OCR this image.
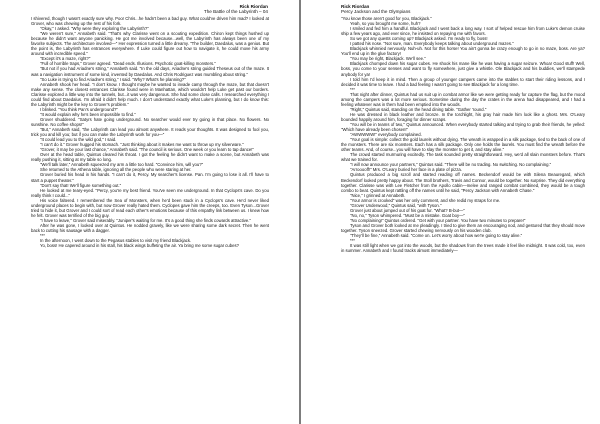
Rick Riordan
The Battle of the Labyrinth – 04

I shivered, though I wasn't exactly sure why. Poor Chris...he hadn't been a bad guy. What could've driven him mad? I looked at Grover, who was chewing up the rest of his fork.

"Okay," I asked. "Why were they exploring the Labyrinth?"

"We weren't sure," Annabeth said. "That's why Clarisse went on a scouting expedition. Chiron kept things hushed up because he didn't want anyone panicking. He got me involved because...well, the Labyrinth has always been one of my favorite subjects. The architecture involved—" Her expression turned a little dreamy. "The builder, Daedalus, was a genius. But the point is, the Labyrinth has entrances everywhere. If Luke could figure out how to navigate it, he could move his army around with incredible speed."

"Except it's a maze, right?"

"Full of horrible traps," Grover agreed. "Dead ends. Illusions. Psychotic goat-killing monsters."

"But not if you had Ariadne's string," Annabeth said. "In the old days, Ariadne's string guided Theseus out of the maze. It was a navigation instrument of some kind, invented by Daedalus. And Chris Rodriguez was mumbling about string."

"So Luke is trying to find Ariadne's string," I said. "Why? What's he planning?"

Annabeth shook her head. "I don't know. I thought maybe he wanted to invade camp through the maze, but that doesn't make any sense. The closest entrances Clarisse found were in Manhattan, which wouldn't help Luke get past our borders. Clarisse explored a little way into the tunnels, but...it was very dangerous. She had some close calls. I researched everything I could find about Daedalus. I'm afraid it didn't help much. I don't understand exactly what Luke's planning, but I do know this: the Labyrinth might be the key to Grover's problem."

I blinked. "You think Pan's underground?"

"It would explain why he's been impossible to find."

Grover shuddered. "Satyrs hate going underground. No searcher would ever try going in that place. No flowers. No sunshine. No coffee shops!"

"But," Annabeth said, "the Labyrinth can lead you almost anywhere. It reads your thoughts. It was designed to fool you, trick you and kill you; but if you can make the Labyrinth work for you—"

"It could lead you to the wild god," I said.

"I can't do it." Grover hugged his stomach. "Just thinking about it makes me want to throw up my silverware."

"Grover, it may be your last chance," Annabeth said. "The council is serious. One week or you learn to tap dance!"

Over at the head table, Quintus cleared his throat. I got the feeling he didn't want to make a scene, but Annabeth was really pushing it, sitting at my table so long.

"We'll talk later," Annabeth squeezed my arm a little too hard. "Convince him, will you?"

She returned to the Athena table, ignoring all the people who were staring at her.

Grover buried his head in his hands. "I can't do it, Percy. My searcher's license. Pan. I'm going to lose it all. I'll have to start a puppet theater."

"Don't say that! We'll figure something out."

He looked at me teary-eyed. "Percy, you're my best friend. You've seen me underground. In that Cyclops's cave. Do you really think I could..."

His voice faltered. I remembered the Sea of Monsters, when he'd been stuck in a Cyclops's cave. He'd never liked underground places to begin with, but now Grover really hated them. Cyclopes gave him the creeps, too. Even Tyson...Grover tried to hide it, but Grover and I could sort of read each other's emotions because of this empathy link between us. I knew how he felt. Grover was terrified of the big guy.

"I have to leave," Grover said miserably. "Juniper's waiting for me. It's a good thing she finds cowards attractive."

After he was gone, I looked over at Quintus. He nodded gravely, like we were sharing some dark secret. Then he went back to cutting his sausage with a dagger.

***

In the afternoon, I went down to the Pegasus stables to visit my friend Blackjack.

Yo, boss! He capered around in his stall, his black wings buffeting the air. Ya bring me some sugar cubes?

Rick Riordan
Percy Jackson and the Olympians

"You know those aren't good for you, Blackjack."

Yeah, so you brought me some, huh?

I smiled and fed him a handful. Blackjack and I went back a long way. I sort of helped rescue him from Luke's demon cruise ship a few years ago, and ever since, he insisted on repaying me with favors.

So we got any quests coming up? Blackjack asked. I'm ready to fly, boss!

I patted his nose. "Not sure, man. Everybody keeps talking about underground mazes."

Blackjack whinnied nervously. Nuh-uh. Not for this horse! You ain't gonna be crazy enough to go in no maze, boss. Are ya? You'll end up in the glue factory!

"You may be right, Blackjack. We'll see."

Blackjack chomped down his sugar cubes. He shook his mane like he was having a sugar seizure. Whoa! Good stuff! Well, boss, you come to your senses and want to fly somewhere, just give a whistle. Ole Blackjack and his buddies, we'll stampede anybody for ya!

I told him I'd keep it in mind. Then a group of younger campers came into the stables to start their riding lessons, and I decided it was time to leave. I had a bad feeling I wasn't going to see Blackjack for a long time.

***

That night after dinner, Quintus had us suit up in combat armor like we were getting ready for capture the flag, but the mood among the campers was a lot more serious. Sometime during the day the crates in the arena had disappeared, and I had a feeling whatever was in them had been emptied into the woods.

"Right," Quintus said, standing on the head dining table. "Gather 'round."

He was dressed in black leather and bronze. In the torchlight, his gray hair made him look like a ghost. Mrs. O'Leary bounded happily around him, foraging for dinner scraps.

"You will be in teams of two," Quintus announced. When everybody started talking and trying to grab their friends, he yelled: "Which have already been chosen!"

"AWWWWW!" everybody complained.

"Your goal is simple: collect the gold laurels without dying. The wreath is wrapped in a silk package, tied to the back of one of the monsters. There are six monsters. Each has a silk package. Only one holds the laurels. You must find the wreath before the other teams. And, of course...you will have to slay the monster to get it, and stay alive."

The crowd started murmuring excitedly. The task sounded pretty straightforward. Hey, we'd all slain monsters before. That's what we trained for.

"I will now announce your partners," Quintus said. "There will be no trading. No switching. No complaining."

"Arrooooff!" Mrs. O'Leary buried her face in a plate of pizza.

Quintus produced a big scroll and started reading off names. Beckendorf would be with Silena Beauregard, which Beckendorf looked pretty happy about. The Stoll brothers, Travis and Connor, would be together. No surprise. They did everything together. Clarisse was with Lee Fletcher from the Apollo cabin—melee and ranged combat combined, they would be a tough combo to beat. Quintus kept rattling off the names until he said, "Percy Jackson with Annabeth Chase."

"Nice," I grinned at Annabeth.

"Your armor is crooked" was her only comment, and she redid my straps for me.

"Grover Underwood," Quintus said, "with Tyson."

Grover just about jumped out of his goat fur. "What? B-but—"

"No, no," Tyson whimpered. "Must be a mistake. Goat boy—"

"No complaining!" Quintus ordered. "Get with your partner. You have two minutes to prepare!"

Tyson and Grover both looked at me pleadingly. I tried to give them an encouraging nod, and gestured that they should move together. Tyson sneezed. Grover started chewing nervously on his wooden club.

"They'll be fine," Annabeth said. "Come on. Let's worry about how we're going to stay alive."

***

It was still light when we got into the woods, but the shadows from the trees made it feel like midnight. It was cold, too, even in summer. Annabeth and I found tracks almost immediately—
